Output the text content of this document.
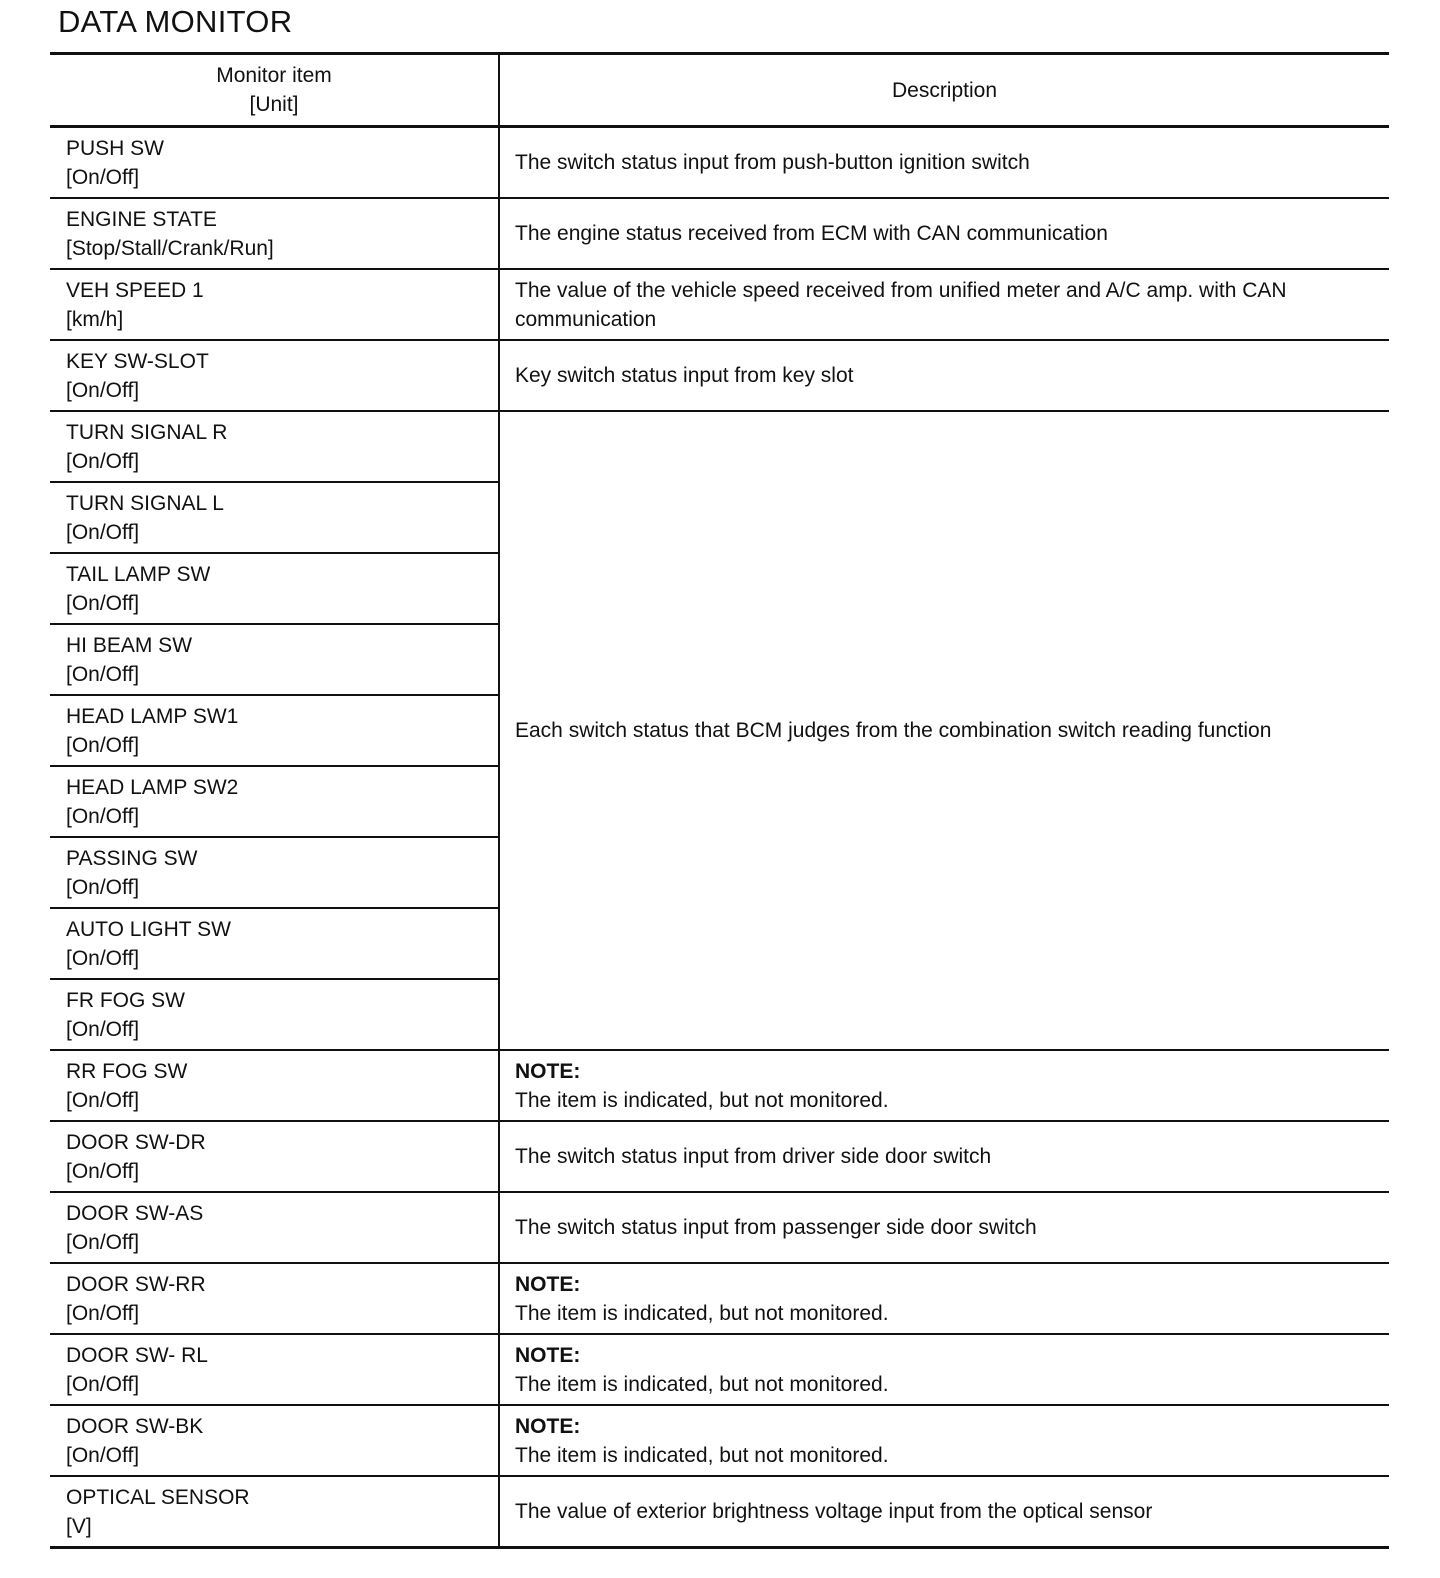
DATA MONITOR
Monitor item
[Unit]	Description

PUSH SW
[On/Off]	The switch status input from push-button ignition switch

ENGINE STATE
[Stop/Stall/Crank/Run]	The engine status received from ECM with CAN communication

VEH SPEED 1
[km/h]	The value of the vehicle speed received from unified meter and A/C amp. with CAN communication

KEY SW-SLOT
[On/Off]	Key switch status input from key slot

TURN SIGNAL R
[On/Off]	Each switch status that BCM judges from the combination switch reading function

TURN SIGNAL L
[On/Off]	

TAIL LAMP SW
[On/Off]	

HI BEAM SW
[On/Off]	

HEAD LAMP SW1
[On/Off]	

HEAD LAMP SW2
[On/Off]	

PASSING SW
[On/Off]	

AUTO LIGHT SW
[On/Off]	

FR FOG SW
[On/Off]	

RR FOG SW
[On/Off]	NOTE:
The item is indicated, but not monitored.

DOOR SW-DR
[On/Off]	The switch status input from driver side door switch

DOOR SW-AS
[On/Off]	The switch status input from passenger side door switch

DOOR SW-RR
[On/Off]	NOTE:
The item is indicated, but not monitored.

DOOR SW- RL
[On/Off]	NOTE:
The item is indicated, but not monitored.

DOOR SW-BK
[On/Off]	NOTE:
The item is indicated, but not monitored.

OPTICAL SENSOR
[V]	The value of exterior brightness voltage input from the optical sensor
